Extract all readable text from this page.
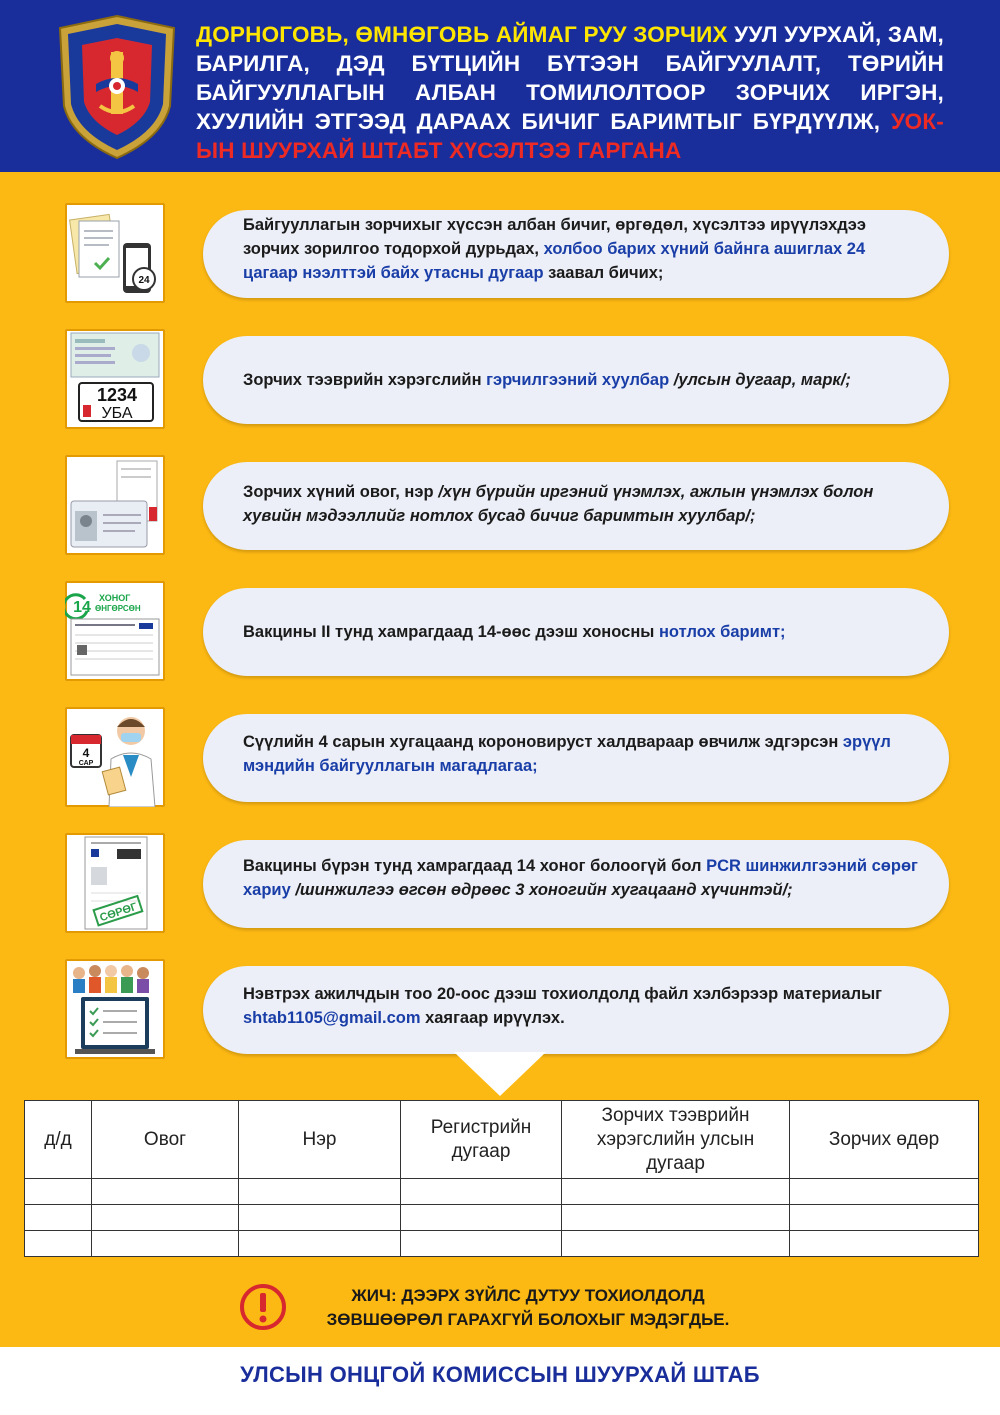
ДОРНОГОВЬ, ӨМНӨГОВЬ АЙМАГ РУУ ЗОРЧИХ УУЛ УУРХАЙ, ЗАМ, БАРИЛГА, ДЭД БҮТЦИЙН БҮТЭЭН БАЙГУУЛАЛТ, ТӨРИЙН БАЙГУУЛЛАГЫН АЛБАН ТОМИЛОЛТООР ЗОРЧИХ ИРГЭН, ХУУЛИЙН ЭТГЭЭД ДАРААХ БИЧИГ БАРИМТЫГ БҮРДҮҮЛЖ, УОК-ЫН ШУУРХАЙ ШТАБТ ХҮСЭЛТЭЭ ГАРГАНА
Байгууллагын зорчихыг хүссэн албан бичиг, өргөдөл, хүсэлтээ ирүүлэхдээ зорчих зорилгоо тодорхой дурьдах, холбоо барих хүний байнга ашиглах 24 цагаар нээлттэй байх утасны дугаар заавал бичих;
24
Зорчих тээврийн хэрэгслийн гэрчилгээний хуулбар /улсын дугаар, марк/;
1234
УБА
Зорчих хүний овог, нэр /хүн бүрийн иргэний үнэмлэх, ажлын үнэмлэх болон хувийн мэдээллийг нотлох бусад бичиг баримтын хуулбар/;
Вакцины II тунд хамрагдаад 14-өөс дээш хоносны нотлох баримт;
14
ХОНОГ
ӨНГӨРСӨН
Сүүлийн 4 сарын хугацаанд короновируст халдвараар өвчилж эдгэрсэн эрүүл мэндийн байгууллагын магадлагаа;
4
САР
Вакцины бүрэн тунд хамрагдаад 14 хоног болоогүй бол PCR шинжилгээний сөрөг хариу /шинжилгээ өгсөн өдрөөс 3 хоногийн хугацаанд хүчинтэй/;
СӨРӨГ
Нэвтрэх ажилчдын тоо 20-оос дээш тохиолдолд файл хэлбэрээр материалыг shtab1105@gmail.com хаягаар ирүүлэх.
д/д	Овог	Нэр	Регистрийн дугаар	Зорчих тээврийн хэрэгслийн улсын дугаар	Зорчих өдөр

ЖИЧ: ДЭЭРХ ЗҮЙЛС ДУТУУ ТОХИОЛДОЛД
ЗӨВШӨӨРӨЛ ГАРАХГҮЙ БОЛОХЫГ МЭДЭГДЬЕ.
УЛСЫН ОНЦГОЙ КОМИССЫН ШУУРХАЙ ШТАБ
